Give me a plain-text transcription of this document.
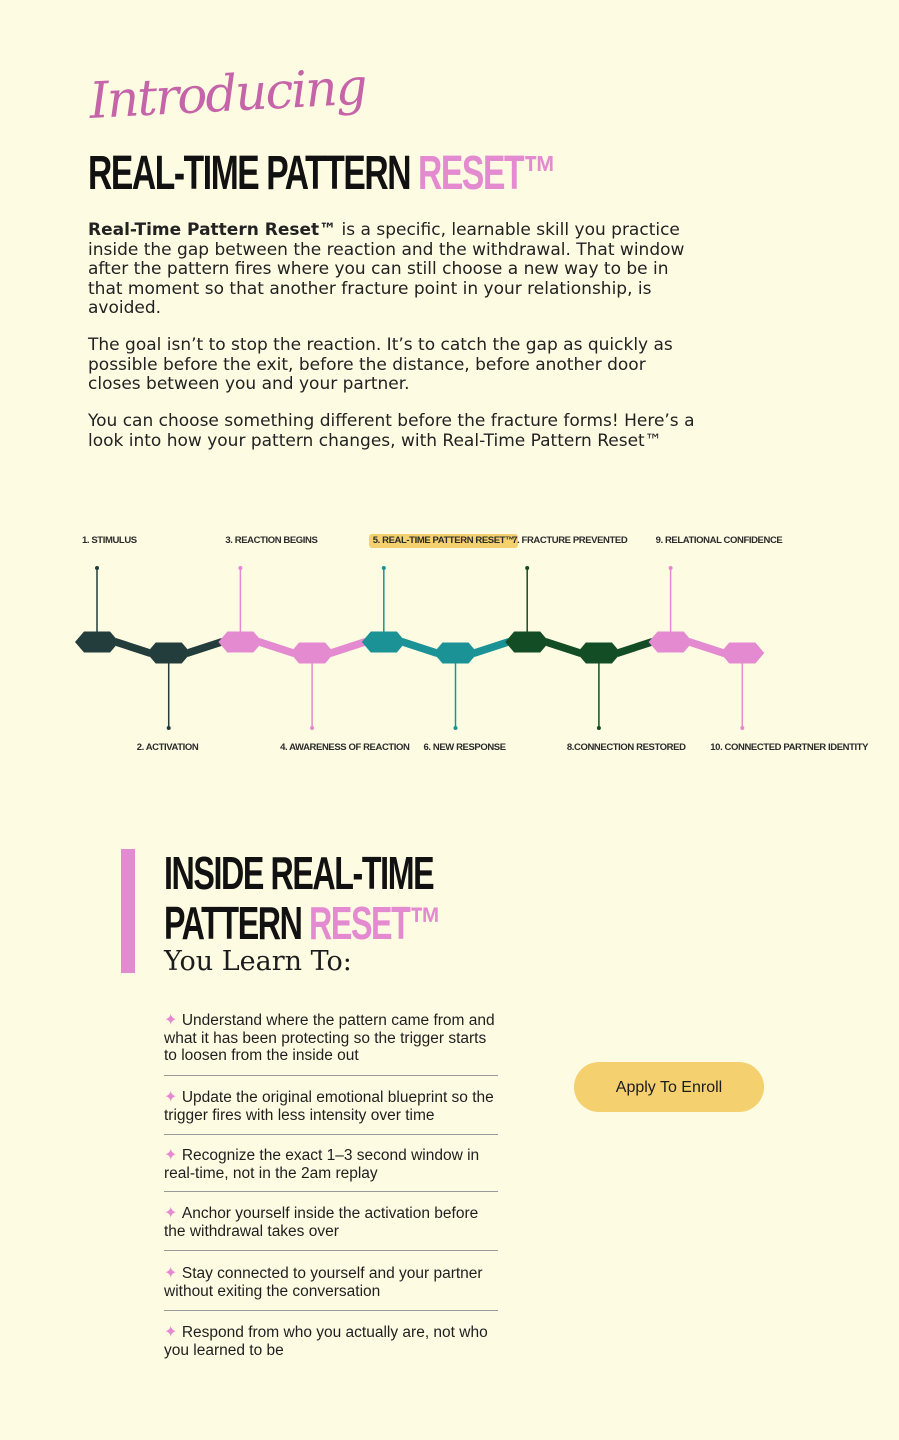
Introducing
REAL-TIME PATTERN RESET™
Real-Time Pattern Reset™ is a specific, learnable skill you practice inside the gap between the reaction and the withdrawal. That window after the pattern fires where you can still choose a new way to be in that moment so that another fracture point in your relationship, is avoided.
The goal isn’t to stop the reaction. It’s to catch the gap as quickly as possible before the exit, before the distance, before another door closes between you and your partner.
You can choose something different before the fracture forms! Here’s a look into how your pattern changes, with Real-Time Pattern Reset™
1. STIMULUS
2. ACTIVATION
3. REACTION BEGINS
4. AWARENESS OF REACTION
5. REAL-TIME PATTERN RESET™
6. NEW RESPONSE
7. FRACTURE PREVENTED
8.CONNECTION RESTORED
9. RELATIONAL CONFIDENCE
10. CONNECTED PARTNER IDENTITY
INSIDE REAL-TIME
PATTERN RESET™
You Learn To:
✦ Understand where the pattern came from and what it has been protecting so the trigger starts to loosen from the inside out
✦ Update the original emotional blueprint so the trigger fires with less intensity over time
✦ Recognize the exact 1–3 second window in real-time, not in the 2am replay
✦ Anchor yourself inside the activation before the withdrawal takes over
✦ Stay connected to yourself and your partner without exiting the conversation
✦ Respond from who you actually are, not who you learned to be
Apply To Enroll
